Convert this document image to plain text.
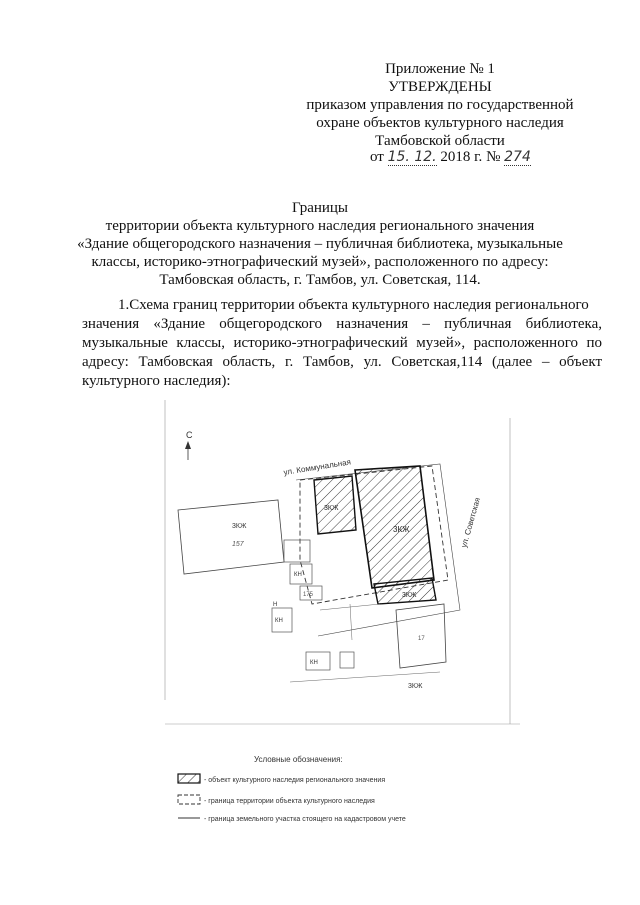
Приложение № 1
УТВЕРЖДЕНЫ
приказом управления по государственной
охране объектов культурного наследия
Тамбовской области
от 15. 12. 2018 г. № 274
Границы
территории объекта культурного наследия регионального значения
«Здание общегородского назначения – публичная библиотека, музыкальные
классы, историко-этнографический музей», расположенного по адресу:
Тамбовская область, г. Тамбов, ул. Советская, 114.
1.Схема границ территории объекта культурного наследия регионального
значения «Здание общегородского назначения – публичная библиотека,
музыкальные классы, историко-этнографический музей», расположенного по
адресу: Тамбовская область, г. Тамбов, ул. Советская,114 (далее – объект
культурного наследия):
С
ул. Коммунальная
ул. Советская
3КЖ
3КЖ
3КЖ
3КЖ
157
КН
175
КН
Н
КН
17
3КЖ
Условные обозначения:
- объект культурного наследия регионального значения
- граница территории объекта культурного наследия
- граница земельного участка стоящего на кадастровом учете
